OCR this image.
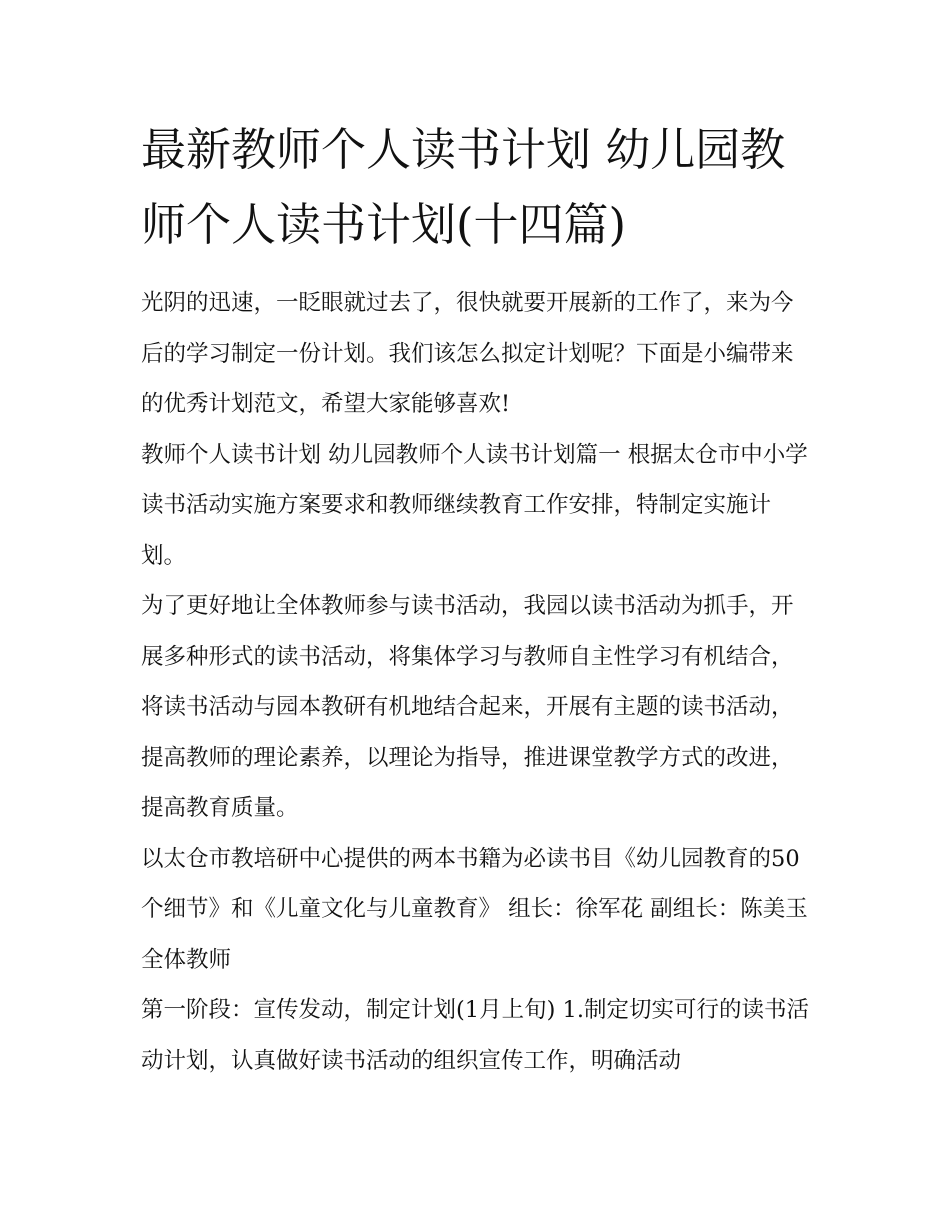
最新教师个人读书计划 幼儿园教师个人读书计划(十四篇)

光阴的迅速，一眨眼就过去了，很快就要开展新的工作了，来为今后的学习制定一份计划。我们该怎么拟定计划呢？下面是小编带来的优秀计划范文，希望大家能够喜欢!

教师个人读书计划 幼儿园教师个人读书计划篇一 根据太仓市中小学读书活动实施方案要求和教师继续教育工作安排，特制定实施计划。

为了更好地让全体教师参与读书活动，我园以读书活动为抓手，开展多种形式的读书活动，将集体学习与教师自主性学习有机结合，将读书活动与园本教研有机地结合起来，开展有主题的读书活动，提高教师的理论素养，以理论为指导，推进课堂教学方式的改进，提高教育质量。

以太仓市教培研中心提供的两本书籍为必读书目《幼儿园教育的50个细节》和《儿童文化与儿童教育》 组长：徐军花 副组长：陈美玉 全体教师

第一阶段：宣传发动，制定计划(1月上旬) 1.制定切实可行的读书活动计划，认真做好读书活动的组织宣传工作，明确活动
